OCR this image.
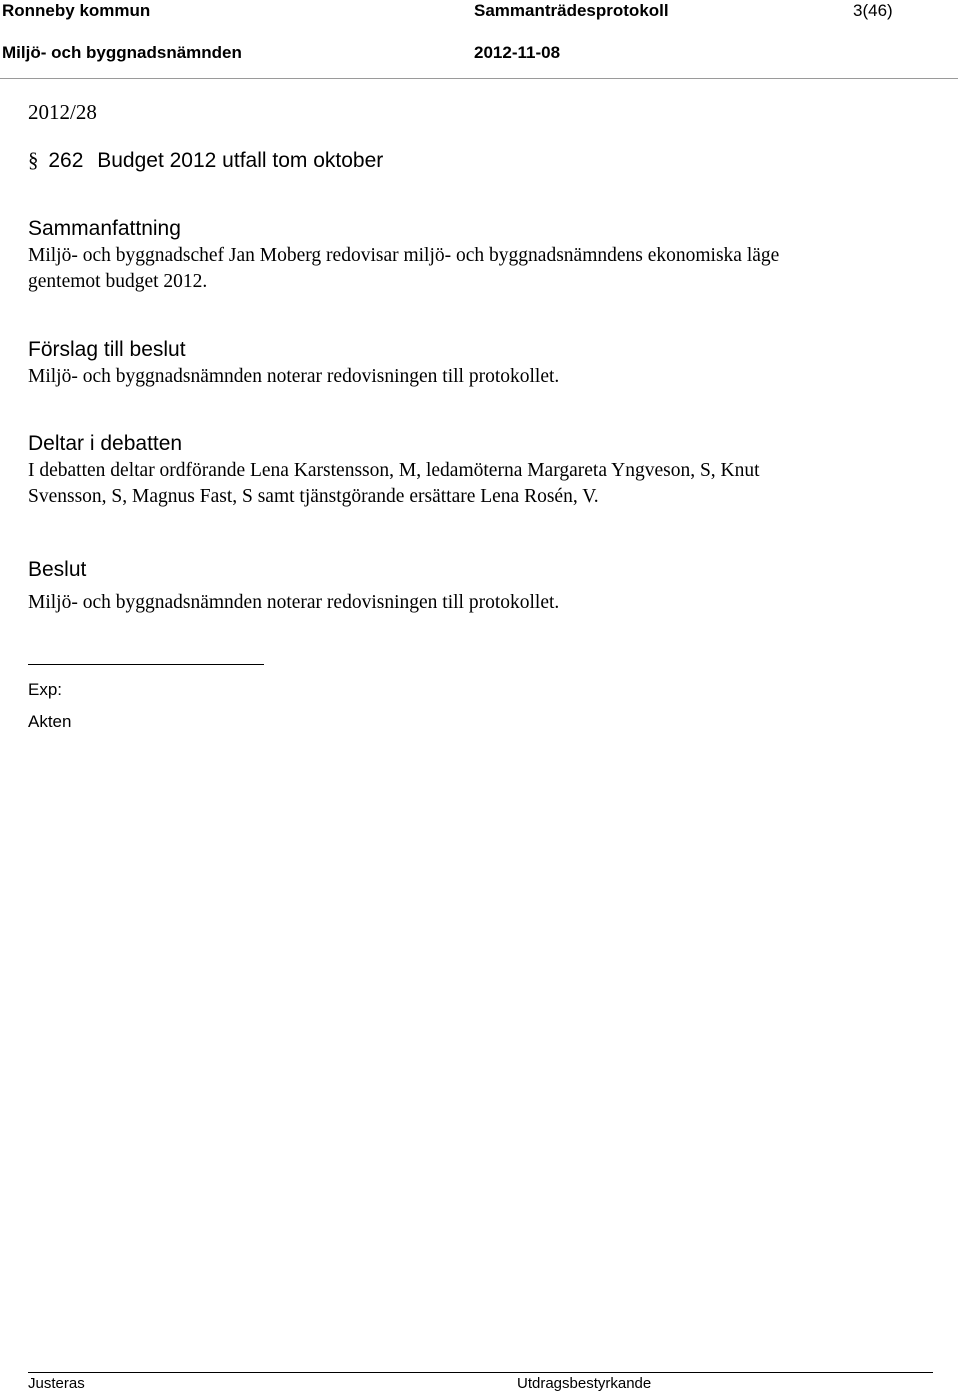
Ronneby kommun	Sammanträdesprotokoll	3(46)
Miljö- och byggnadsnämnden	2012-11-08
2012/28
§ 262 Budget 2012 utfall tom oktober
Sammanfattning
Miljö- och byggnadschef Jan Moberg redovisar miljö- och byggnadsnämndens ekonomiska läge
gentemot budget 2012.
Förslag till beslut
Miljö- och byggnadsnämnden noterar redovisningen till protokollet.
Deltar i debatten
I debatten deltar ordförande Lena Karstensson, M, ledamöterna Margareta Yngveson, S, Knut
Svensson, S, Magnus Fast, S samt tjänstgörande ersättare Lena Rosén, V.
Beslut
Miljö- och byggnadsnämnden noterar redovisningen till protokollet.
Exp:
Akten
Justeras	Utdragsbestyrkande
